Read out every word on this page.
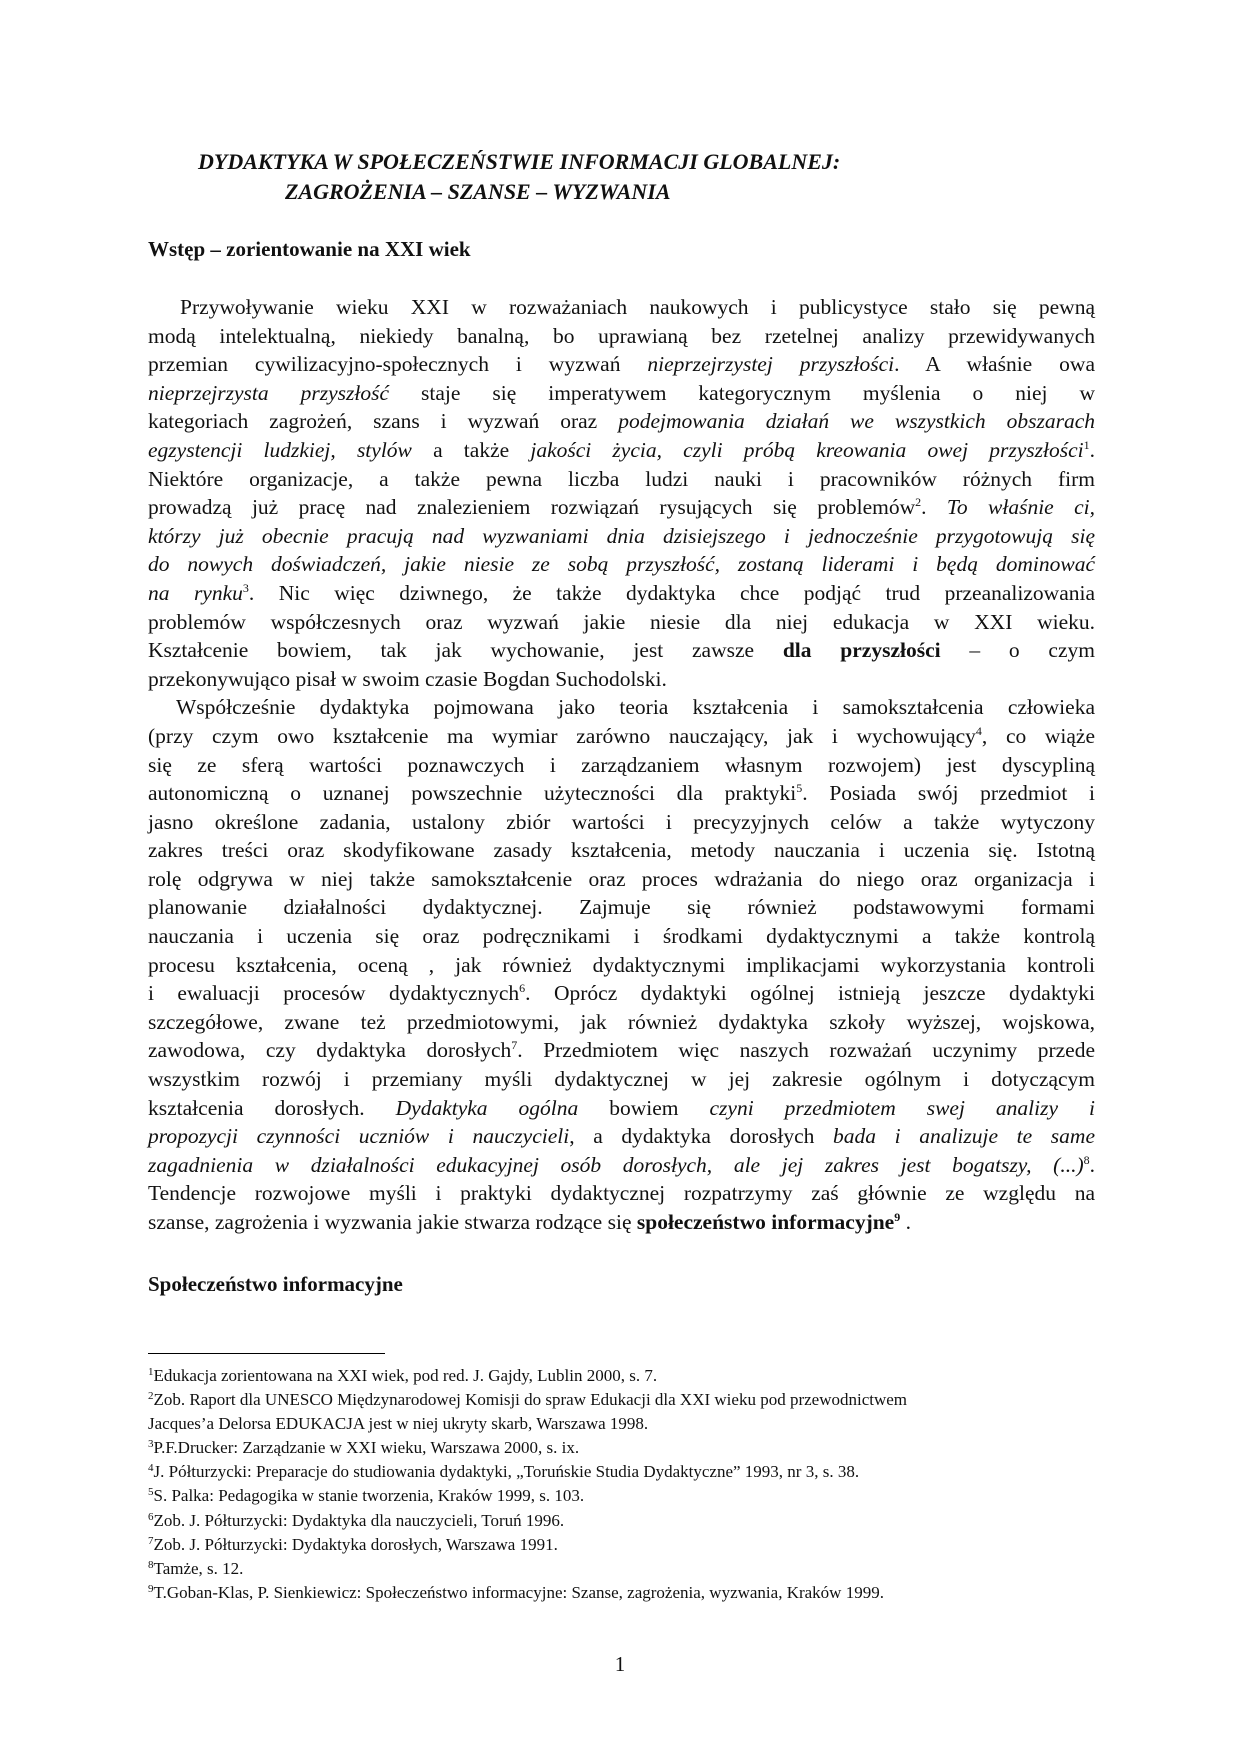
DYDAKTYKA W SPOŁECZEŃSTWIE INFORMACJI GLOBALNEJ:
ZAGROŻENIA – SZANSE – WYZWANIA
Wstęp – zorientowanie na XXI wiek
Przywoływanie wieku XXI w rozważaniach naukowych i publicystyce stało się pewną
modą intelektualną, niekiedy banalną, bo uprawianą bez rzetelnej analizy przewidywanych
przemian cywilizacyjno-społecznych i wyzwań nieprzejrzystej przyszłości. A właśnie owa
nieprzejrzysta przyszłość staje się imperatywem kategorycznym myślenia o niej w
kategoriach zagrożeń, szans i wyzwań oraz podejmowania działań we wszystkich obszarach
egzystencji ludzkiej, stylów a także jakości życia, czyli próbą kreowania owej przyszłości$^1$.
Niektóre organizacje, a także pewna liczba ludzi nauki i pracowników różnych firm
prowadzą już pracę nad znalezieniem rozwiązań rysujących się problemów$^2$. To właśnie ci,
którzy już obecnie pracują nad wyzwaniami dnia dzisiejszego i jednocześnie przygotowują się
do nowych doświadczeń, jakie niesie ze sobą przyszłość, zostaną liderami i będą dominować
na rynku$^3$. Nic więc dziwnego, że także dydaktyka chce podjąć trud przeanalizowania
problemów współczesnych oraz wyzwań jakie niesie dla niej edukacja w XXI wieku.
Kształcenie bowiem, tak jak wychowanie, jest zawsze dla przyszłości – o czym
przekonywująco pisał w swoim czasie Bogdan Suchodolski.
Współcześnie dydaktyka pojmowana jako teoria kształcenia i samokształcenia człowieka
(przy czym owo kształcenie ma wymiar zarówno nauczający, jak i wychowujący$^4$, co wiąże
się ze sferą wartości poznawczych i zarządzaniem własnym rozwojem) jest dyscypliną
autonomiczną o uznanej powszechnie użyteczności dla praktyki$^5$. Posiada swój przedmiot i
jasno określone zadania, ustalony zbiór wartości i precyzyjnych celów a także wytyczony
zakres treści oraz skodyfikowane zasady kształcenia, metody nauczania i uczenia się. Istotną
rolę odgrywa w niej także samokształcenie oraz proces wdrażania do niego oraz organizacja i
planowanie działalności dydaktycznej. Zajmuje się również podstawowymi formami
nauczania i uczenia się oraz podręcznikami i środkami dydaktycznymi a także kontrolą
procesu kształcenia, oceną , jak również dydaktycznymi implikacjami wykorzystania kontroli
i ewaluacji procesów dydaktycznych$^6$. Oprócz dydaktyki ogólnej istnieją jeszcze dydaktyki
szczegółowe, zwane też przedmiotowymi, jak również dydaktyka szkoły wyższej, wojskowa,
zawodowa, czy dydaktyka dorosłych$^7$. Przedmiotem więc naszych rozważań uczynimy przede
wszystkim rozwój i przemiany myśli dydaktycznej w jej zakresie ogólnym i dotyczącym
kształcenia dorosłych. Dydaktyka ogólna bowiem czyni przedmiotem swej analizy i
propozycji czynności uczniów i nauczycieli, a dydaktyka dorosłych bada i analizuje te same
zagadnienia w działalności edukacyjnej osób dorosłych, ale jej zakres jest bogatszy, (...)$^8$.
Tendencje rozwojowe myśli i praktyki dydaktycznej rozpatrzymy zaś głównie ze względu na
szanse, zagrożenia i wyzwania jakie stwarza rodzące się społeczeństwo informacyjne$^9$ .
Społeczeństwo informacyjne
$^1$Edukacja zorientowana na XXI wiek, pod red. J. Gajdy, Lublin 2000, s. 7.
$^2$Zob. Raport dla UNESCO Międzynarodowej Komisji do spraw Edukacji dla XXI wieku pod przewodnictwem
Jacques’a Delorsa EDUKACJA jest w niej ukryty skarb, Warszawa 1998.
$^3$P.F.Drucker: Zarządzanie w XXI wieku, Warszawa 2000, s. ix.
$^4$J. Półturzycki: Preparacje do studiowania dydaktyki, „Toruńskie Studia Dydaktyczne” 1993, nr 3, s. 38.
$^5$S. Palka: Pedagogika w stanie tworzenia, Kraków 1999, s. 103.
$^6$Zob. J. Półturzycki: Dydaktyka dla nauczycieli, Toruń 1996.
$^7$Zob. J. Półturzycki: Dydaktyka dorosłych, Warszawa 1991.
$^8$Tamże, s. 12.
$^9$T.Goban-Klas, P. Sienkiewicz: Społeczeństwo informacyjne: Szanse, zagrożenia, wyzwania, Kraków 1999.
1
